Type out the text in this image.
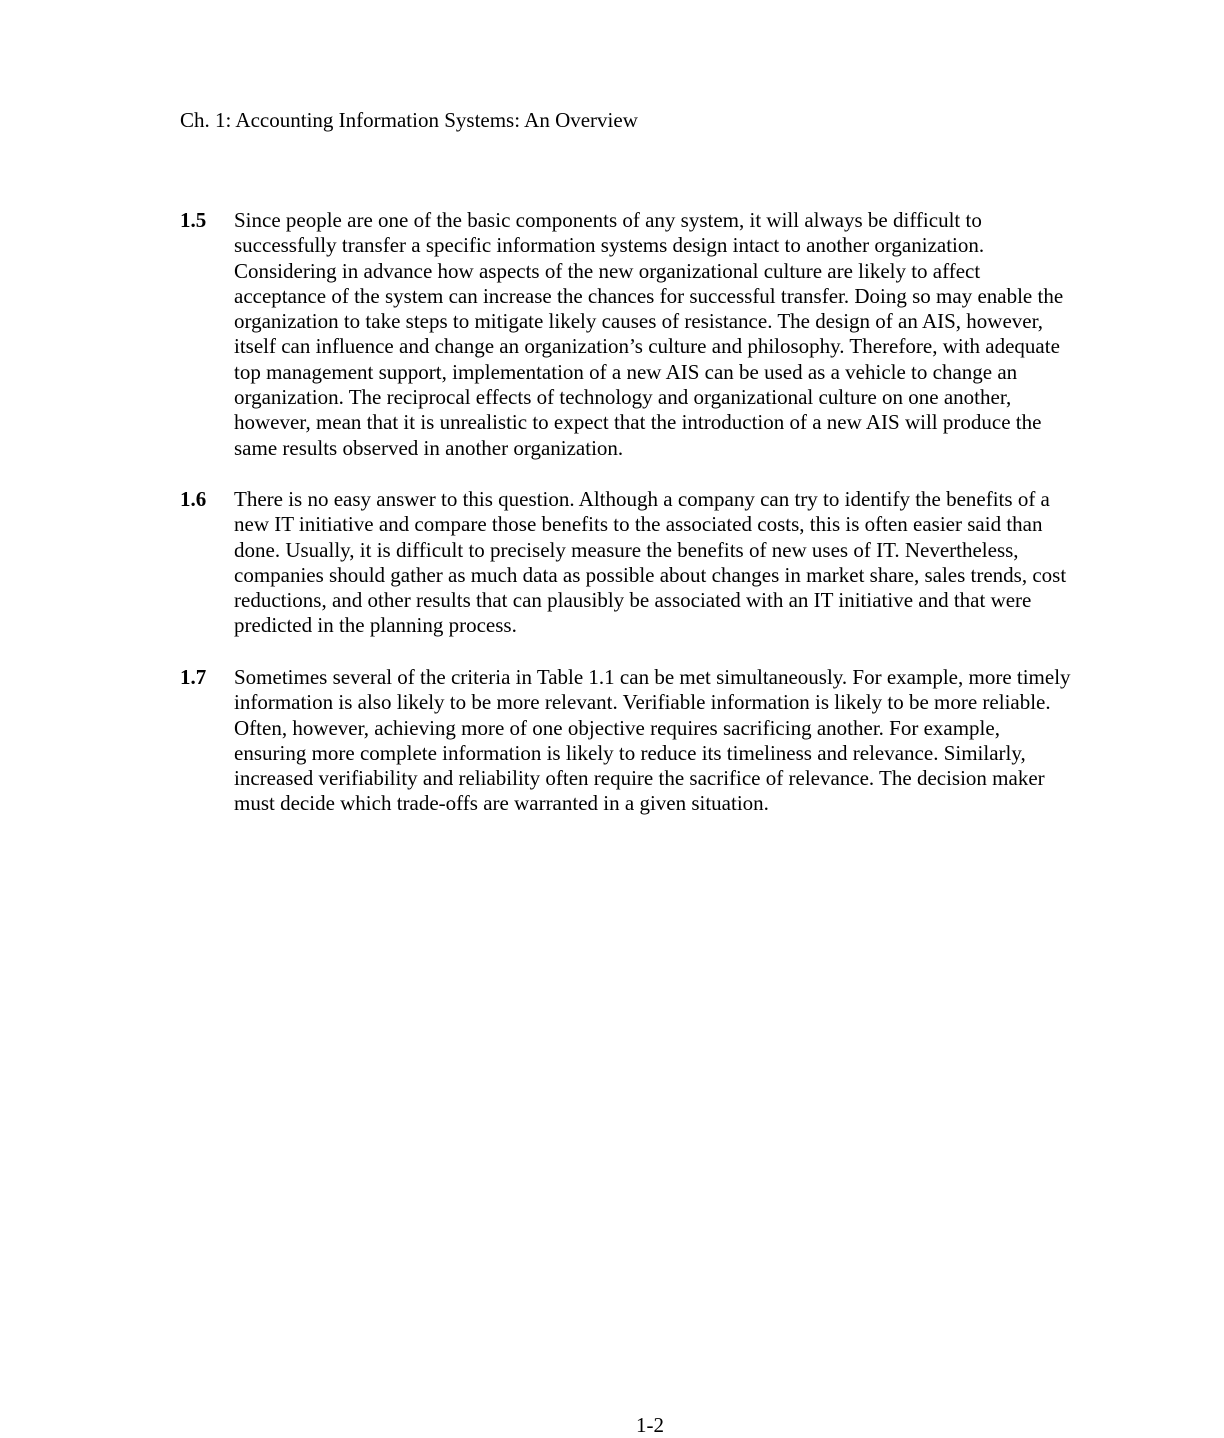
Ch. 1: Accounting Information Systems: An Overview
1.5 Since people are one of the basic components of any system, it will always be difficult to
successfully transfer a specific information systems design intact to another organization.
Considering in advance how aspects of the new organizational culture are likely to affect
acceptance of the system can increase the chances for successful transfer. Doing so may enable the
organization to take steps to mitigate likely causes of resistance. The design of an AIS, however,
itself can influence and change an organization’s culture and philosophy. Therefore, with adequate
top management support, implementation of a new AIS can be used as a vehicle to change an
organization. The reciprocal effects of technology and organizational culture on one another,
however, mean that it is unrealistic to expect that the introduction of a new AIS will produce the
same results observed in another organization.
1.6 There is no easy answer to this question. Although a company can try to identify the benefits of a
new IT initiative and compare those benefits to the associated costs, this is often easier said than
done. Usually, it is difficult to precisely measure the benefits of new uses of IT. Nevertheless,
companies should gather as much data as possible about changes in market share, sales trends, cost
reductions, and other results that can plausibly be associated with an IT initiative and that were
predicted in the planning process.
1.7 Sometimes several of the criteria in Table 1.1 can be met simultaneously. For example, more timely
information is also likely to be more relevant. Verifiable information is likely to be more reliable.
Often, however, achieving more of one objective requires sacrificing another. For example,
ensuring more complete information is likely to reduce its timeliness and relevance. Similarly,
increased verifiability and reliability often require the sacrifice of relevance. The decision maker
must decide which trade-offs are warranted in a given situation.
1-2
